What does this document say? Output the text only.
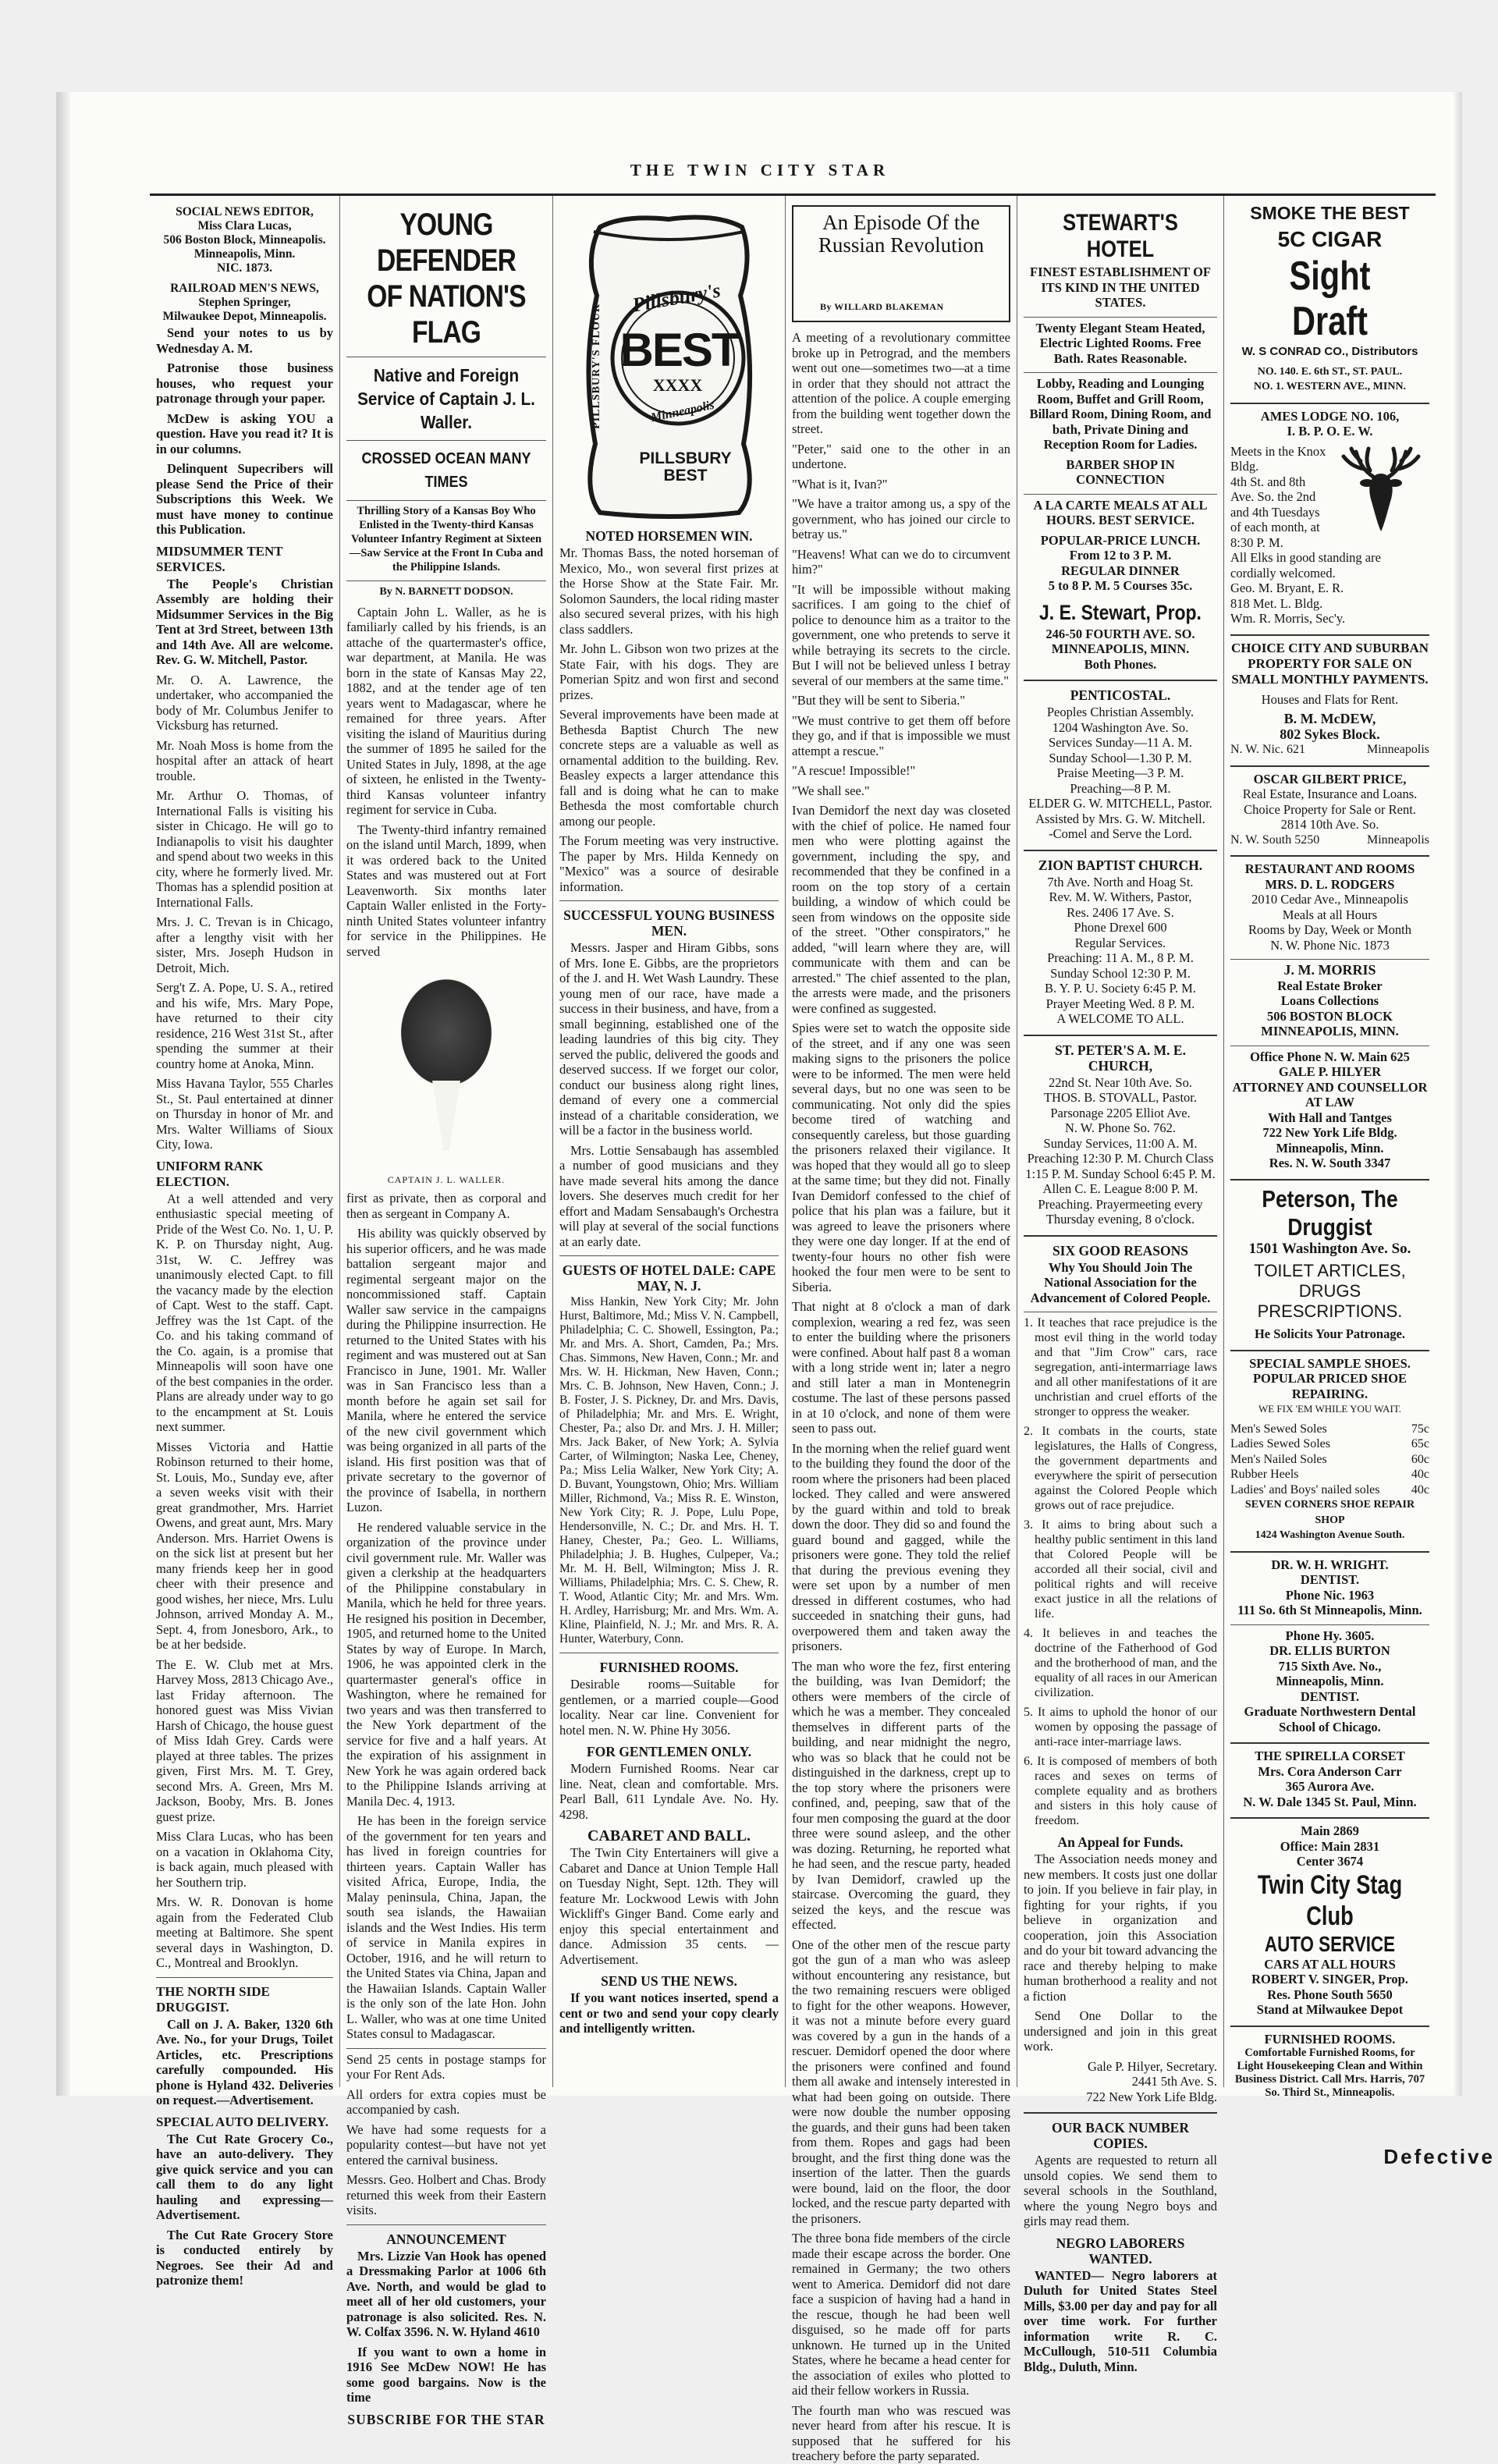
THE TWIN CITY STAR

SOCIAL NEWS EDITOR,

Miss Clara Lucas,

506 Boston Block, Minneapolis.

Minneapolis, Minn.

NIC. 1873.

RAILROAD MEN'S NEWS,

Stephen Springer,

Milwaukee Depot, Minneapolis.

Send your notes to us by Wednesday A. M.

Patronise those business houses, who request your patronage through your paper.

McDew is asking YOU a question. Have you read it? It is in our columns.

Delinquent Supecribers will please Send the Price of their Subscriptions this Week. We must have money to continue this Publication.

MIDSUMMER TENT SERVICES.

The People's Christian Assembly are holding their Midsummer Services in the Big Tent at 3rd Street, between 13th and 14th Ave. All are welcome. Rev. G. W. Mitchell, Pastor.

Mr. O. A. Lawrence, the undertaker, who accompanied the body of Mr. Columbus Jenifer to Vicksburg has returned.

Mr. Noah Moss is home from the hospital after an attack of heart trouble.

Mr. Arthur O. Thomas, of International Falls is visiting his sister in Chicago. He will go to Indianapolis to visit his daughter and spend about two weeks in this city, where he formerly lived. Mr. Thomas has a splendid position at International Falls.

Mrs. J. C. Trevan is in Chicago, after a lengthy visit with her sister, Mrs. Joseph Hudson in Detroit, Mich.

Serg't Z. A. Pope, U. S. A., retired and his wife, Mrs. Mary Pope, have returned to their city residence, 216 West 31st St., after spending the summer at their country home at Anoka, Minn.

Miss Havana Taylor, 555 Charles St., St. Paul entertained at dinner on Thursday in honor of Mr. and Mrs. Walter Williams of Sioux City, Iowa.

UNIFORM RANK ELECTION.

At a well attended and very enthusiastic special meeting of Pride of the West Co. No. 1, U. P. K. P. on Thursday night, Aug. 31st, W. C. Jeffrey was unanimously elected Capt. to fill the vacancy made by the election of Capt. West to the staff. Capt. Jeffrey was the 1st Capt. of the Co. and his taking command of the Co. again, is a promise that Minneapolis will soon have one of the best companies in the order. Plans are already under way to go to the encampment at St. Louis next summer.

Misses Victoria and Hattie Robinson returned to their home, St. Louis, Mo., Sunday eve, after a seven weeks visit with their great grandmother, Mrs. Harriet Owens, and great aunt, Mrs. Mary Anderson. Mrs. Harriet Owens is on the sick list at present but her many friends keep her in good cheer with their presence and good wishes, her niece, Mrs. Lulu Johnson, arrived Monday A. M., Sept. 4, from Jonesboro, Ark., to be at her bedside.

The E. W. Club met at Mrs. Harvey Moss, 2813 Chicago Ave., last Friday afternoon. The honored guest was Miss Vivian Harsh of Chicago, the house guest of Miss Idah Grey. Cards were played at three tables. The prizes given, First Mrs. M. T. Grey, second Mrs. A. Green, Mrs M. Jackson, Booby, Mrs. B. Jones guest prize.

Miss Clara Lucas, who has been on a vacation in Oklahoma City, is back again, much pleased with her Southern trip.

Mrs. W. R. Donovan is home again from the Federated Club meeting at Baltimore. She spent several days in Washington, D. C., Montreal and Brooklyn.

THE NORTH SIDE DRUGGIST.

Call on J. A. Baker, 1320 6th Ave. No., for your Drugs, Toilet Articles, etc. Prescriptions carefully compounded. His phone is Hyland 432. Deliveries on request.—Advertisement.

SPECIAL AUTO DELIVERY.

The Cut Rate Grocery Co., have an auto-delivery. They give quick service and you can call them to do any light hauling and expressing—Advertisement.

The Cut Rate Grocery Store is conducted entirely by Negroes. See their Ad and patronize them!

YOUNG DEFENDER OF NATION'S FLAG
Native and Foreign Service of Captain J. L. Waller.
CROSSED OCEAN MANY TIMES

Thrilling Story of a Kansas Boy Who Enlisted in the Twenty-third Kansas Volunteer Infantry Regiment at Sixteen—Saw Service at the Front In Cuba and the Philippine Islands.

By N. BARNETT DODSON.

Captain John L. Waller, as he is familiarly called by his friends, is an attache of the quartermaster's office, war department, at Manila. He was born in the state of Kansas May 22, 1882, and at the tender age of ten years went to Madagascar, where he remained for three years. After visiting the island of Mauritius during the summer of 1895 he sailed for the United States in July, 1898, at the age of sixteen, he enlisted in the Twenty-third Kansas volunteer infantry regiment for service in Cuba.

The Twenty-third infantry remained on the island until March, 1899, when it was ordered back to the United States and was mustered out at Fort Leavenworth. Six months later Captain Waller enlisted in the Forty-ninth United States volunteer infantry for service in the Philippines. He served

CAPTAIN J. L. WALLER.

first as private, then as corporal and then as sergeant in Company A.

His ability was quickly observed by his superior officers, and he was made battalion sergeant major and regimental sergeant major on the noncommissioned staff. Captain Waller saw service in the campaigns during the Philippine insurrection. He returned to the United States with his regiment and was mustered out at San Francisco in June, 1901. Mr. Waller was in San Francisco less than a month before he again set sail for Manila, where he entered the service of the new civil government which was being organized in all parts of the island. His first position was that of private secretary to the governor of the province of Isabella, in northern Luzon.

He rendered valuable service in the organization of the province under civil government rule. Mr. Waller was given a clerkship at the headquarters of the Philippine constabulary in Manila, which he held for three years. He resigned his position in December, 1905, and returned home to the United States by way of Europe. In March, 1906, he was appointed clerk in the quartermaster general's office in Washington, where he remained for two years and was then transferred to the New York department of the service for five and a half years. At the expiration of his assignment in New York he was again ordered back to the Philippine Islands arriving at Manila Dec. 4, 1913.

He has been in the foreign service of the government for ten years and has lived in foreign countries for thirteen years. Captain Waller has visited Africa, Europe, India, the Malay peninsula, China, Japan, the south sea islands, the Hawaiian islands and the West Indies. His term of service in Manila expires in October, 1916, and he will return to the United States via China, Japan and the Hawaiian Islands. Captain Waller is the only son of the late Hon. John L. Waller, who was at one time United States consul to Madagascar.

Send 25 cents in postage stamps for your For Rent Ads.

All orders for extra copies must be accompanied by cash.

We have had some requests for a popularity contest—but have not yet entered the carnival business.

Messrs. Geo. Holbert and Chas. Brody returned this week from their Eastern visits.

ANNOUNCEMENT

Mrs. Lizzie Van Hook has opened a Dressmaking Parlor at 1006 6th Ave. North, and would be glad to meet all of her old customers, your patronage is also solicited. Res. N. W. Colfax 3596. N. W. Hyland 4610

If you want to own a home in 1916 See McDew NOW! He has some good bargains. Now is the time

SUBSCRIBE FOR THE STAR
PILLSBURY'S FLOUR
Pillsbury's
BEST
XXXX
Minneapolis
PILLSBURY
BEST
NOTED HORSEMEN WIN.

Mr. Thomas Bass, the noted horseman of Mexico, Mo., won several first prizes at the Horse Show at the State Fair. Mr. Solomon Saunders, the local riding master also secured several prizes, with his high class saddlers.

Mr. John L. Gibson won two prizes at the State Fair, with his dogs. They are Pomerian Spitz and won first and second prizes.

Several improvements have been made at Bethesda Baptist Church The new concrete steps are a valuable as well as ornamental addition to the building. Rev. Beasley expects a larger attendance this fall and is doing what he can to make Bethesda the most comfortable church among our people.

The Forum meeting was very instructive. The paper by Mrs. Hilda Kennedy on "Mexico" was a source of desirable information.

SUCCESSFUL YOUNG BUSINESS MEN.

Messrs. Jasper and Hiram Gibbs, sons of Mrs. Ione E. Gibbs, are the proprietors of the J. and H. Wet Wash Laundry. These young men of our race, have made a success in their business, and have, from a small beginning, established one of the leading laundries of this big city. They served the public, delivered the goods and deserved success. If we forget our color, conduct our business along right lines, demand of every one a commercial instead of a charitable consideration, we will be a factor in the business world.

Mrs. Lottie Sensabaugh has assembled a number of good musicians and they have made several hits among the dance lovers. She deserves much credit for her effort and Madam Sensabaugh's Orchestra will play at several of the social functions at an early date.

GUESTS OF HOTEL DALE: CAPE MAY, N. J.

Miss Hankin, New York City; Mr. John Hurst, Baltimore, Md.; Miss V. N. Campbell, Philadelphia; C. C. Showell, Essington, Pa.; Mr. and Mrs. A. Short, Camden, Pa.; Mrs. Chas. Simmons, New Haven, Conn.; Mr. and Mrs. W. H. Hickman, New Haven, Conn.; Mrs. C. B. Johnson, New Haven, Conn.; J. B. Foster, J. S. Pickney, Dr. and Mrs. Davis, of Philadelphia; Mr. and Mrs. E. Wright, Chester, Pa.; also Dr. and Mrs. J. H. Miller; Mrs. Jack Baker, of New York; A. Sylvia Carter, of Wilmington; Naska Lee, Cheney, Pa.; Miss Lelia Walker, New York City; A. D. Buvant, Youngstown, Ohio; Mrs. William Miller, Richmond, Va.; Miss R. E. Winston, New York City; R. J. Pope, Lulu Pope, Hendersonville, N. C.; Dr. and Mrs. H. T. Haney, Chester, Pa.; Geo. L. Williams, Philadelphia; J. B. Hughes, Culpeper, Va.; Mr. M. H. Bell, Wilmington; Miss J. R. Williams, Philadelphia; Mrs. C. S. Chew, R. T. Wood, Atlantic City; Mr. and Mrs. Wm. H. Ardley, Harrisburg; Mr. and Mrs. Wm. A. Kline, Plainfield, N. J.; Mr. and Mrs. R. A. Hunter, Waterbury, Conn.

FURNISHED ROOMS.

Desirable rooms—Suitable for gentlemen, or a married couple—Good locality. Near car line. Convenient for hotel men. N. W. Phine Hy 3056.

FOR GENTLEMEN ONLY.

Modern Furnished Rooms. Near car line. Neat, clean and comfortable. Mrs. Pearl Ball, 611 Lyndale Ave. No. Hy. 4298.

CABARET AND BALL.

The Twin City Entertainers will give a Cabaret and Dance at Union Temple Hall on Tuesday Night, Sept. 12th. They will feature Mr. Lockwood Lewis with John Wickliff's Ginger Band. Come early and enjoy this special entertainment and dance. Admission 35 cents. —Advertisement.

SEND US THE NEWS.

If you want notices inserted, spend a cent or two and send your copy clearly and intelligently written.

An Episode Of the Russian Revolution
By WILLARD BLAKEMAN

A meeting of a revolutionary committee broke up in Petrograd, and the members went out one—sometimes two—at a time in order that they should not attract the attention of the police. A couple emerging from the building went together down the street.

"Peter," said one to the other in an undertone.

"What is it, Ivan?"

"We have a traitor among us, a spy of the government, who has joined our circle to betray us."

"Heavens! What can we do to circumvent him?"

"It will be impossible without making sacrifices. I am going to the chief of police to denounce him as a traitor to the government, one who pretends to serve it while betraying its secrets to the circle. But I will not be believed unless I betray several of our members at the same time."

"But they will be sent to Siberia."

"We must contrive to get them off before they go, and if that is impossible we must attempt a rescue."

"A rescue! Impossible!"

"We shall see."

Ivan Demidorf the next day was closeted with the chief of police. He named four men who were plotting against the government, including the spy, and recommended that they be confined in a room on the top story of a certain building, a window of which could be seen from windows on the opposite side of the street. "Other conspirators," he added, "will learn where they are, will communicate with them and can be arrested." The chief assented to the plan, the arrests were made, and the prisoners were confined as suggested.

Spies were set to watch the opposite side of the street, and if any one was seen making signs to the prisoners the police were to be informed. The men were held several days, but no one was seen to be communicating. Not only did the spies become tired of watching and consequently careless, but those guarding the prisoners relaxed their vigilance. It was hoped that they would all go to sleep at the same time; but they did not. Finally Ivan Demidorf confessed to the chief of police that his plan was a failure, but it was agreed to leave the prisoners where they were one day longer. If at the end of twenty-four hours no other fish were hooked the four men were to be sent to Siberia.

That night at 8 o'clock a man of dark complexion, wearing a red fez, was seen to enter the building where the prisoners were confined. About half past 8 a woman with a long stride went in; later a negro and still later a man in Montenegrin costume. The last of these persons passed in at 10 o'clock, and none of them were seen to pass out.

In the morning when the relief guard went to the building they found the door of the room where the prisoners had been placed locked. They called and were answered by the guard within and told to break down the door. They did so and found the guard bound and gagged, while the prisoners were gone. They told the relief that during the previous evening they were set upon by a number of men dressed in different costumes, who had succeeded in snatching their guns, had overpowered them and taken away the prisoners.

The man who wore the fez, first entering the building, was Ivan Demidorf; the others were members of the circle of which he was a member. They concealed themselves in different parts of the building, and near midnight the negro, who was so black that he could not be distinguished in the darkness, crept up to the top story where the prisoners were confined, and, peeping, saw that of the four men composing the guard at the door three were sound asleep, and the other was dozing. Returning, he reported what he had seen, and the rescue party, headed by Ivan Demidorf, crawled up the staircase. Overcoming the guard, they seized the keys, and the rescue was effected.

One of the other men of the rescue party got the gun of a man who was asleep without encountering any resistance, but the two remaining rescuers were obliged to fight for the other weapons. However, it was not a minute before every guard was covered by a gun in the hands of a rescuer. Demidorf opened the door where the prisoners were confined and found them all awake and intensely interested in what had been going on outside. There were now double the number opposing the guards, and their guns had been taken from them. Ropes and gags had been brought, and the first thing done was the insertion of the latter. Then the guards were bound, laid on the floor, the door locked, and the rescue party departed with the prisoners.

The three bona fide members of the circle made their escape across the border. One remained in Germany; the two others went to America. Demidorf did not dare face a suspicion of having had a hand in the rescue, though he had been well disguised, so he made off for parts unknown. He turned up in the United States, where he became a head center for the association of exiles who plotted to aid their fellow workers in Russia.

The fourth man who was rescued was never heard from after his rescue. It is supposed that he suffered for his treachery before the party separated.

STEWART'S HOTEL

FINEST ESTABLISHMENT OF ITS KIND IN THE UNITED STATES.

Twenty Elegant Steam Heated, Electric Lighted Rooms. Free Bath. Rates Reasonable.

Lobby, Reading and Lounging Room, Buffet and Grill Room, Billard Room, Dining Room, and bath, Private Dining and Reception Room for Ladies.

BARBER SHOP IN CONNECTION

A LA CARTE MEALS AT ALL HOURS. BEST SERVICE.

POPULAR-PRICE LUNCH.

From 12 to 3 P. M.

REGULAR DINNER

5 to 8 P. M. 5 Courses 35c.

J. E. Stewart, Prop.

246-50 FOURTH AVE. SO.

MINNEAPOLIS, MINN.

Both Phones.

PENTICOSTAL.

Peoples Christian Assembly.

1204 Washington Ave. So.

Services Sunday—11 A. M.

Sunday School—1.30 P. M.

Praise Meeting—3 P. M.

Preaching—8 P. M.

ELDER G. W. MITCHELL, Pastor.

Assisted by Mrs. G. W. Mitchell.

-Comel and Serve the Lord.

ZION BAPTIST CHURCH.

7th Ave. North and Hoag St.

Rev. M. W. Withers, Pastor,

Res. 2406 17 Ave. S.

Phone Drexel 600

Regular Services.

Preaching: 11 A. M., 8 P. M.

Sunday School 12:30 P. M.

B. Y. P. U. Society 6:45 P. M.

Prayer Meeting Wed. 8 P. M.

A WELCOME TO ALL.

ST. PETER'S A. M. E. CHURCH,

22nd St. Near 10th Ave. So.

THOS. B. STOVALL, Pastor.

Parsonage 2205 Elliot Ave.

N. W. Phone So. 762.

Sunday Services, 11:00 A. M. Preaching 12:30 P. M. Church Class 1:15 P. M. Sunday School 6:45 P. M. Allen C. E. League 8:00 P. M. Preaching. Prayermeeting every Thursday evening, 8 o'clock.

SIX GOOD REASONS

Why You Should Join The National Association for the Advancement of Colored People.

1. It teaches that race prejudice is the most evil thing in the world today and that "Jim Crow" cars, race segregation, anti-intermarriage laws and all other manifestations of it are unchristian and cruel efforts of the stronger to oppress the weaker.

2. It combats in the courts, state legislatures, the Halls of Congress, the government departments and everywhere the spirit of persecution against the Colored People which grows out of race prejudice.

3. It aims to bring about such a healthy public sentiment in this land that Colored People will be accorded all their social, civil and political rights and will receive exact justice in all the relations of life.

4. It believes in and teaches the doctrine of the Fatherhood of God and the brotherhood of man, and the equality of all races in our American civilization.

5. It aims to uphold the honor of our women by opposing the passage of anti-race inter-marriage laws.

6. It is composed of members of both races and sexes on terms of complete equality and as brothers and sisters in this holy cause of freedom.

An Appeal for Funds.

The Association needs money and new members. It costs just one dollar to join. If you believe in fair play, in fighting for your rights, if you believe in organization and cooperation, join this Association and do your bit toward advancing the race and thereby helping to make human brotherhood a reality and not a fiction

Send One Dollar to the undersigned and join in this great work.

Gale P. Hilyer, Secretary.

2441 5th Ave. S.

722 New York Life Bldg.

OUR BACK NUMBER COPIES.

Agents are requested to return all unsold copies. We send them to several schools in the Southland, where the young Negro boys and girls may read them.

NEGRO LABORERS WANTED.

WANTED— Negro laborers at Duluth for United States Steel Mills, $3.00 per day and pay for all over time work. For further information write R. C. McCullough, 510-511 Columbia Bldg., Duluth, Minn.

SMOKE THE BEST
5C CIGAR
Sight Draft

W. S CONRAD CO., Distributors

NO. 140. E. 6th ST., ST. PAUL.

NO. 1. WESTERN AVE., MINN.

AMES LODGE NO. 106,

I. B. P. O. E. W.

Meets in the Knox Bldg.

4th St. and 8th Ave. So. the 2nd and 4th Tuesdays of each month, at 8:30 P. M.

All Elks in good standing are cordially welcomed.

Geo. M. Bryant, E. R.

818 Met. L. Bldg.

Wm. R. Morris, Sec'y.

CHOICE CITY AND SUBURBAN PROPERTY FOR SALE ON SMALL MONTHLY PAYMENTS.

Houses and Flats for Rent.

B. M. McDEW,

802 Sykes Block.

N. W. Nic. 621	Minneapolis

OSCAR GILBERT PRICE,

Real Estate, Insurance and Loans.

Choice Property for Sale or Rent.

2814 10th Ave. So.

N. W. South 5250	Minneapolis

RESTAURANT AND ROOMS

MRS. D. L. RODGERS

2010 Cedar Ave., Minneapolis

Meals at all Hours

Rooms by Day, Week or Month

N. W. Phone Nic. 1873

J. M. MORRIS

Real Estate Broker

Loans Collections

506 BOSTON BLOCK

MINNEAPOLIS, MINN.

Office Phone N. W. Main 625

GALE P. HILYER

ATTORNEY AND COUNSELLOR AT LAW

With Hall and Tantges

722 New York Life Bldg.

Minneapolis, Minn.

Res. N. W. South 3347

Peterson, The Druggist

1501 Washington Ave. So.

TOILET ARTICLES, DRUGS PRESCRIPTIONS.

He Solicits Your Patronage.

SPECIAL SAMPLE SHOES.

POPULAR PRICED SHOE REPAIRING.

WE FIX 'EM WHILE YOU WAIT.

Men's Sewed Soles	75c
Ladies Sewed Soles	65c
Men's Nailed Soles	60c
Rubber Heels	40c
Ladies' and Boys' nailed soles	40c

SEVEN CORNERS SHOE REPAIR SHOP

1424 Washington Avenue South.

DR. W. H. WRIGHT.

DENTIST.

Phone Nic. 1963

111 So. 6th St Minneapolis, Minn.

Phone Hy. 3605.

DR. ELLIS BURTON

715 Sixth Ave. No.,

Minneapolis, Minn.

DENTIST.

Graduate Northwestern Dental

School of Chicago.

THE SPIRELLA CORSET

Mrs. Cora Anderson Carr

365 Aurora Ave.

N. W. Dale 1345 St. Paul, Minn.

Main 2869

Office: Main 2831

Center 3674

Twin City Stag Club
AUTO SERVICE

CARS AT ALL HOURS

ROBERT V. SINGER, Prop.

Res. Phone South 5650

Stand at Milwaukee Depot

FURNISHED ROOMS.

Comfortable Furnished Rooms, for Light Housekeeping Clean and Within Business District. Call Mrs. Harris, 707 So. Third St., Minneapolis.

Defective
